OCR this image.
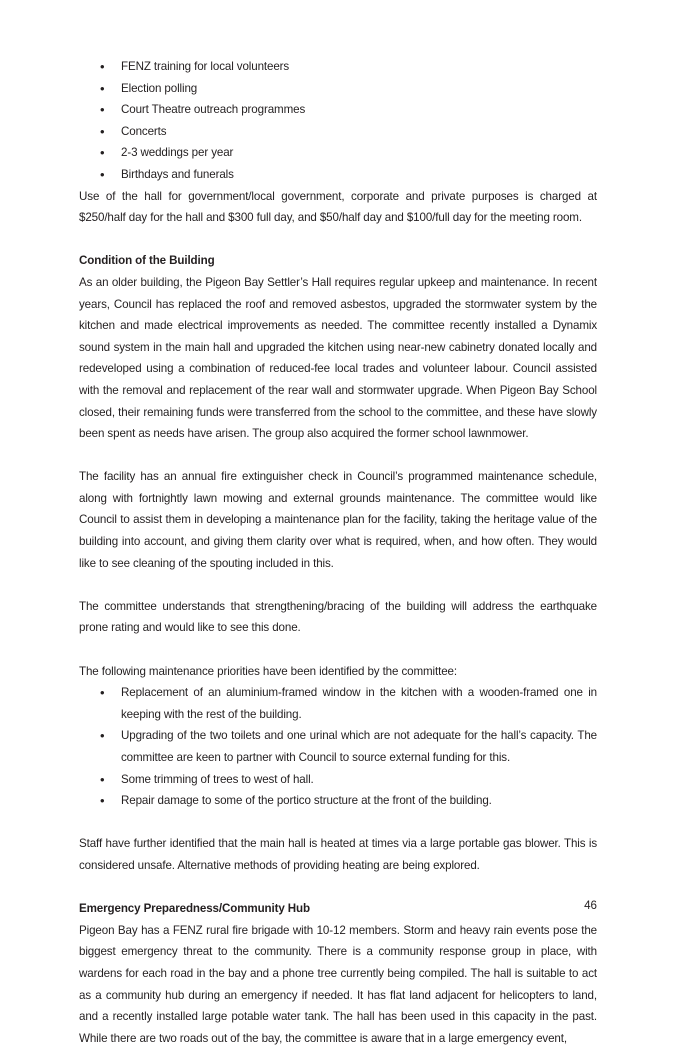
•	FENZ training for local volunteers
•	Election polling
•	Court Theatre outreach programmes
•	Concerts
•	2-3 weddings per year
•	Birthdays and funerals

Use of the hall for government/local government, corporate and private purposes is charged at $250/half day for the hall and $300 full day, and $50/half day and $100/full day for the meeting room.

Condition of the Building

As an older building, the Pigeon Bay Settler’s Hall requires regular upkeep and maintenance. In recent years, Council has replaced the roof and removed asbestos, upgraded the stormwater system by the kitchen and made electrical improvements as needed. The committee recently installed a Dynamix sound system in the main hall and upgraded the kitchen using near-new cabinetry donated locally and redeveloped using a combination of reduced-fee local trades and volunteer labour. Council assisted with the removal and replacement of the rear wall and stormwater upgrade. When Pigeon Bay School closed, their remaining funds were transferred from the school to the committee, and these have slowly been spent as needs have arisen. The group also acquired the former school lawnmower.

The facility has an annual fire extinguisher check in Council’s programmed maintenance schedule, along with fortnightly lawn mowing and external grounds maintenance. The committee would like Council to assist them in developing a maintenance plan for the facility, taking the heritage value of the building into account, and giving them clarity over what is required, when, and how often. They would like to see cleaning of the spouting included in this.

The committee understands that strengthening/bracing of the building will address the earthquake prone rating and would like to see this done.

The following maintenance priorities have been identified by the committee:

•	Replacement of an aluminium-framed window in the kitchen with a wooden-framed one in keeping with the rest of the building.
•	Upgrading of the two toilets and one urinal which are not adequate for the hall’s capacity. The committee are keen to partner with Council to source external funding for this.
•	Some trimming of trees to west of hall.
•	Repair damage to some of the portico structure at the front of the building.

Staff have further identified that the main hall is heated at times via a large portable gas blower. This is considered unsafe. Alternative methods of providing heating are being explored.

Emergency Preparedness/Community Hub

Pigeon Bay has a FENZ rural fire brigade with 10-12 members. Storm and heavy rain events pose the biggest emergency threat to the community. There is a community response group in place, with wardens for each road in the bay and a phone tree currently being compiled. The hall is suitable to act as a community hub during an emergency if needed. It has flat land adjacent for helicopters to land, and a recently installed large potable water tank. The hall has been used in this capacity in the past. While there are two roads out of the bay, the committee is aware that in a large emergency event,

46
